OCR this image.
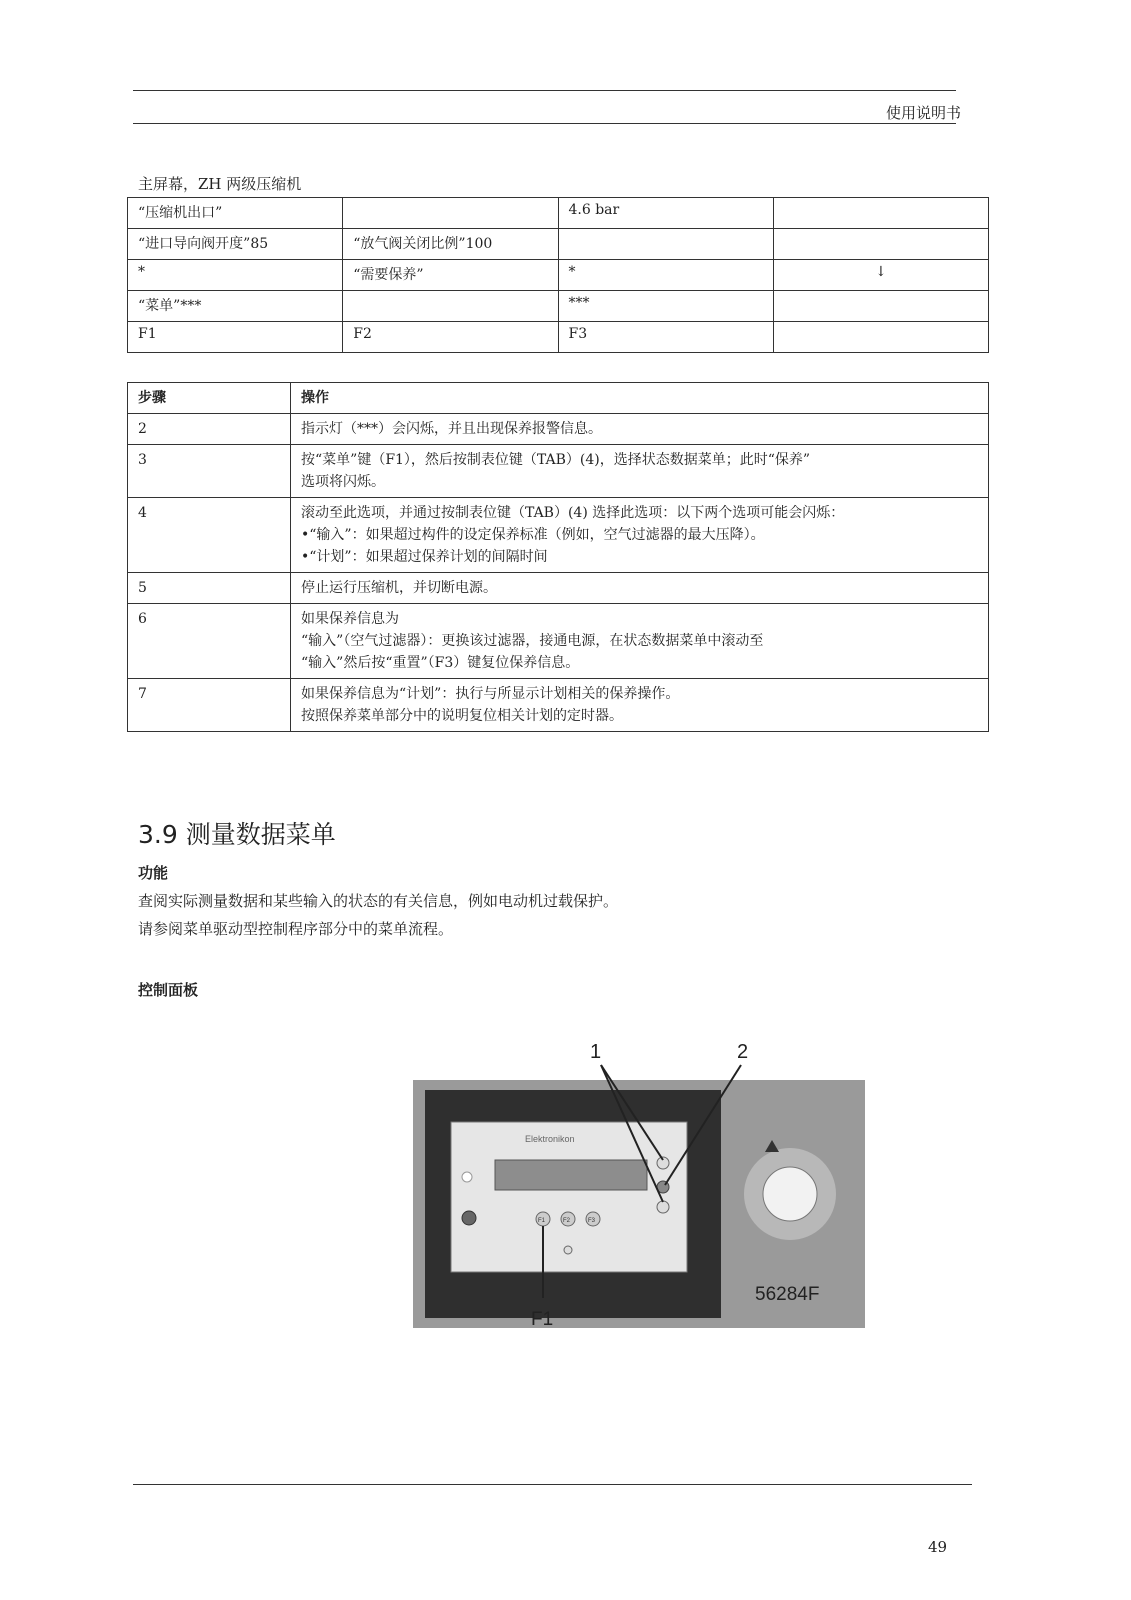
使用说明书
主屏幕，ZH 两级压缩机
“压缩机出口”		4.6 bar	
“进口导向阀开度”85	“放气阀关闭比例”100		
*	“需要保养”	*	↓
“菜单”***		***	
F1	F2	F3	
步骤	操作
2	指示灯（***）会闪烁，并且出现保养报警信息。

3	按“菜单”键（F1），然后按制表位键（TAB）(4)，选择状态数据菜单；此时“保养”
选项将闪烁。

4	滚动至此选项，并通过按制表位键（TAB）(4) 选择此选项：以下两个选项可能会闪烁：
•“输入”：如果超过构件的设定保养标准（例如，空气过滤器的最大压降）。
•“计划”：如果超过保养计划的间隔时间

5	停止运行压缩机，并切断电源。

6	如果保养信息为
“输入”（空气过滤器）：更换该过滤器，接通电源，在状态数据菜单中滚动至
“输入”然后按“重置”（F3）键复位保养信息。

7	如果保养信息为“计划”：执行与所显示计划相关的保养操作。
按照保养菜单部分中的说明复位相关计划的定时器。
3.9 测量数据菜单
功能
查阅实际测量数据和某些输入的状态的有关信息，例如电动机过载保护。
请参阅菜单驱动型控制程序部分中的菜单流程。
控制面板
1	2
Elektronikon
F1	F2	F3
56284F
F1
49
